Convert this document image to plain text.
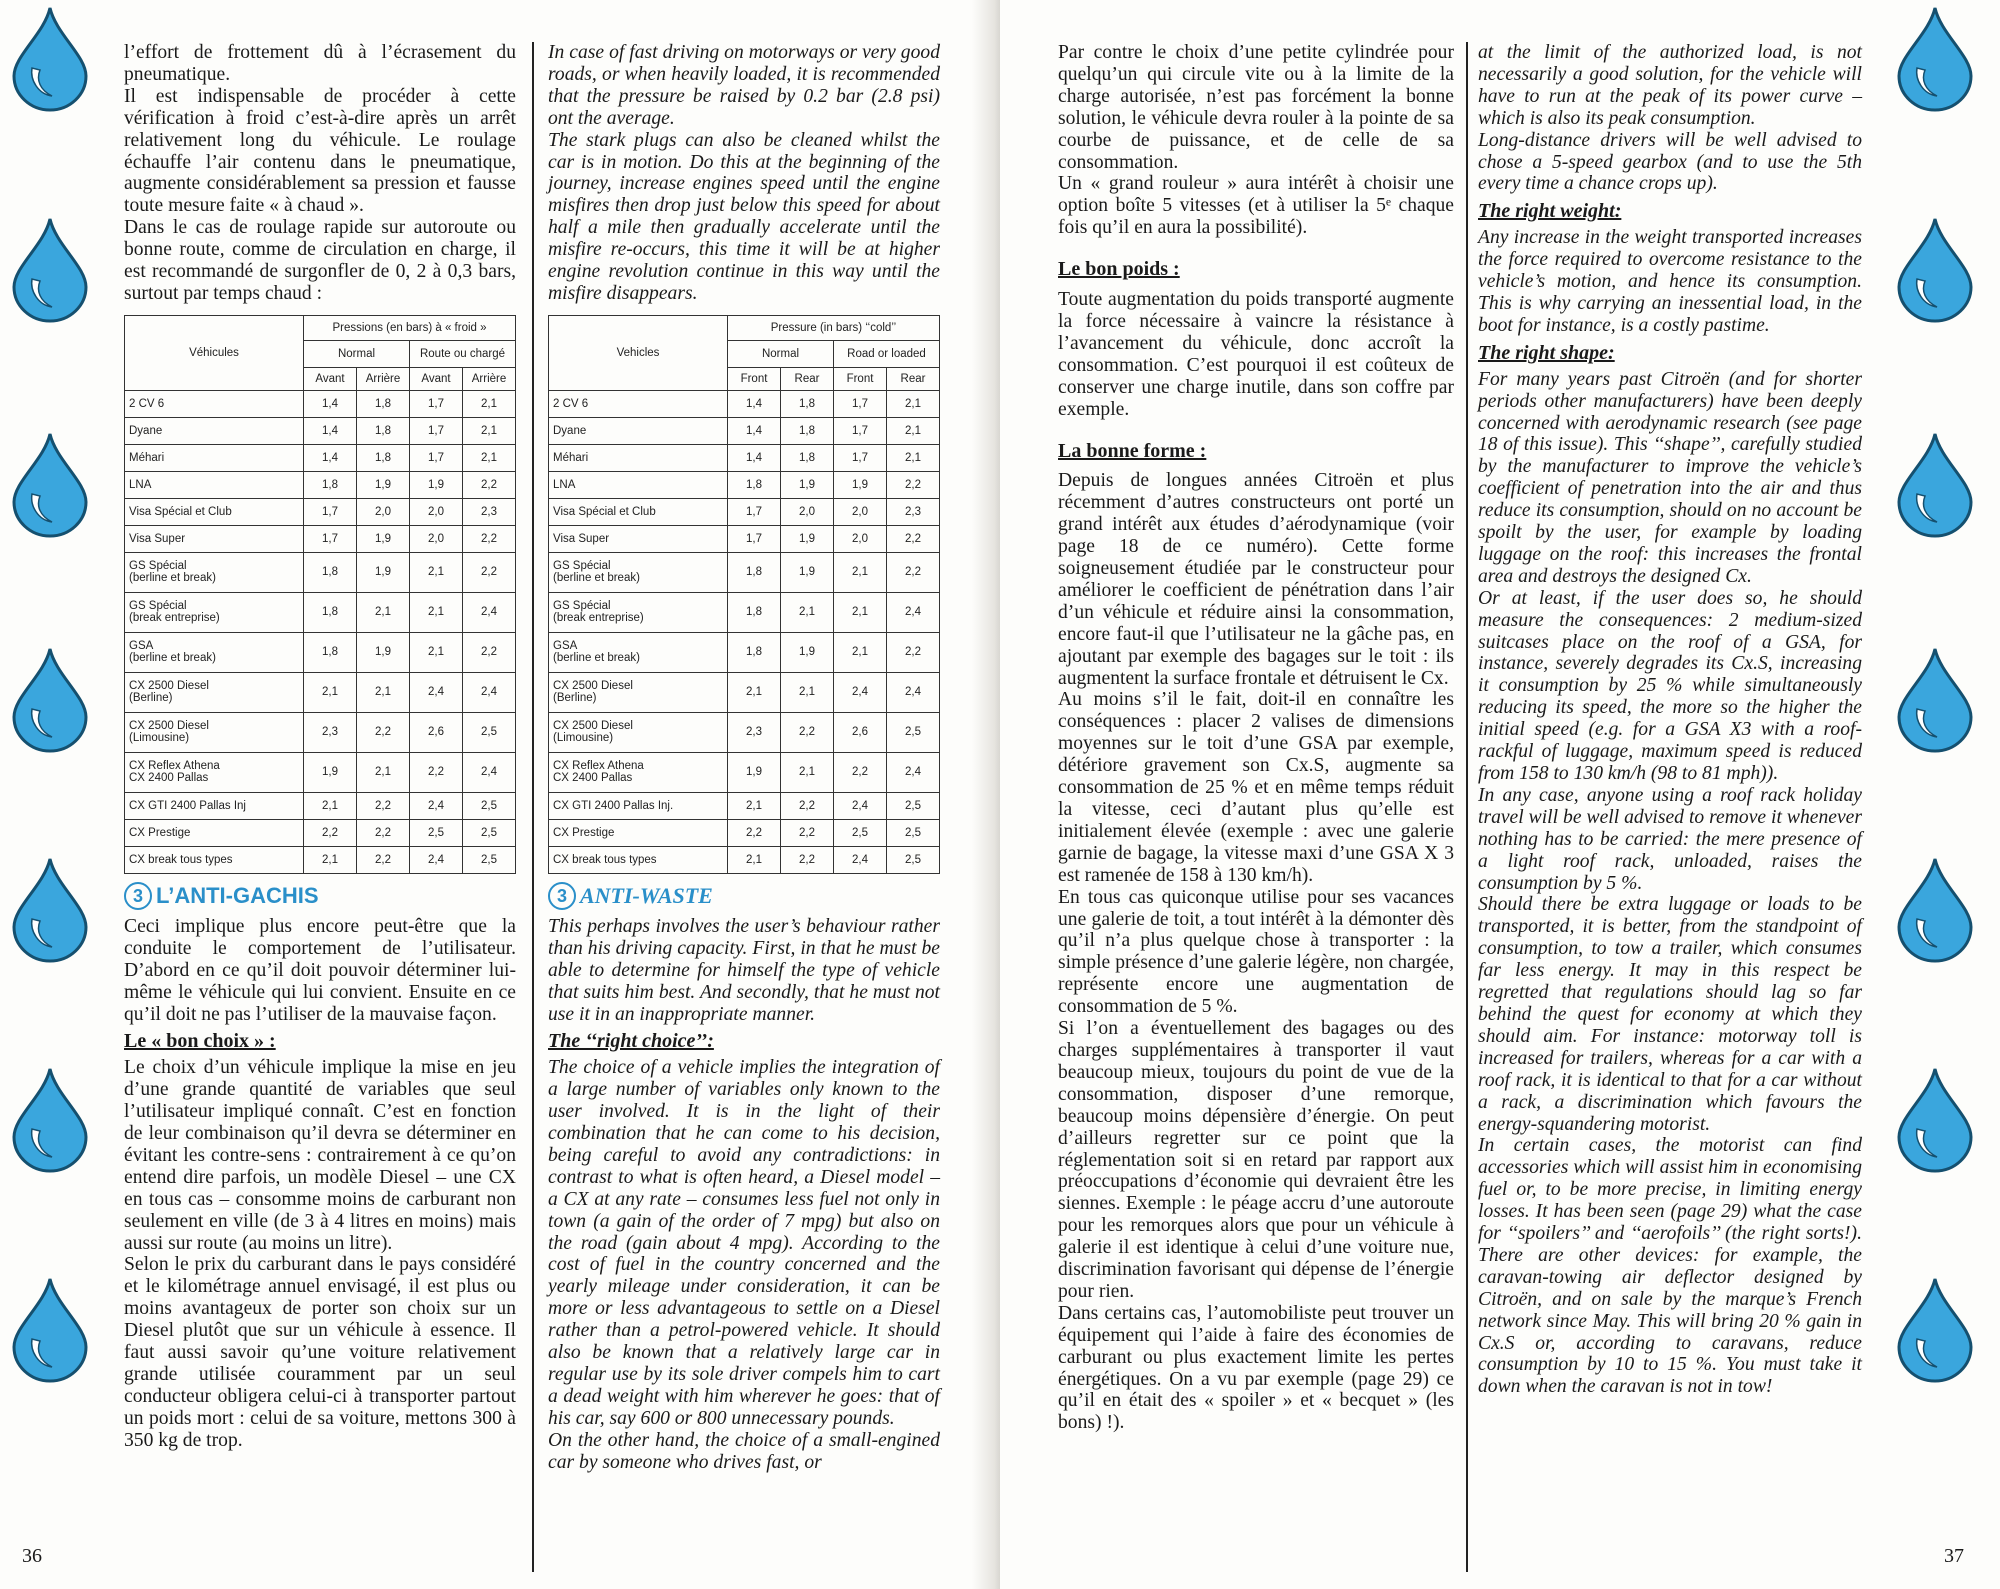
l’effort de frottement dû à l’écrasement du pneumatique.

Il est indispensable de procéder à cette vérification à froid c’est-à-dire après un arrêt relativement long du véhicule. Le roulage échauffe l’air contenu dans le pneumatique, augmente considérablement sa pression et fausse toute mesure faite « à chaud ».

Dans le cas de roulage rapide sur autoroute ou bonne route, comme de circulation en charge, il est recommandé de surgonfler de 0, 2 à 0,3 bars, surtout par temps chaud :

Véhicules	Pressions (en bars) à « froid »			
	Normal		Route ou chargé	
	Avant	Arrière	Avant	Arrière
2 CV 6	1,4	1,8	1,7	2,1
Dyane	1,4	1,8	1,7	2,1
Méhari	1,4	1,8	1,7	2,1
LNA	1,8	1,9	1,9	2,2
Visa Spécial et Club	1,7	2,0	2,0	2,3
Visa Super	1,7	1,9	2,0	2,2
GS Spécial
(berline et break)	1,8	1,9	2,1	2,2
GS Spécial
(break entreprise)	1,8	2,1	2,1	2,4
GSA
(berline et break)	1,8	1,9	2,1	2,2
CX 2500 Diesel
(Berline)	2,1	2,1	2,4	2,4
CX 2500 Diesel
(Limousine)	2,3	2,2	2,6	2,5
CX Reflex Athena
CX 2400 Pallas	1,9	2,1	2,2	2,4
CX GTI 2400 Pallas Inj	2,1	2,2	2,4	2,5
CX Prestige	2,2	2,2	2,5	2,5
CX break tous types	2,1	2,2	2,4	2,5
3 L’ANTI-GACHIS

Ceci implique plus encore peut-être que la conduite le comportement de l’utilisateur. D’abord en ce qu’il doit pouvoir déterminer lui-même le véhicule qui lui convient. Ensuite en ce qu’il doit ne pas l’utiliser de la mauvaise façon.

Le « bon choix » :

Le choix d’un véhicule implique la mise en jeu d’une grande quantité de variables que seul l’utilisateur impliqué connaît. C’est en fonction de leur combinaison qu’il devra se déterminer en évitant les contre-sens : contrairement à ce qu’on entend dire parfois, un modèle Diesel – une CX en tous cas – consomme moins de carburant non seulement en ville (de 3 à 4 litres en moins) mais aussi sur route (au moins un litre).

Selon le prix du carburant dans le pays considéré et le kilométrage annuel envisagé, il est plus ou moins avantageux de porter son choix sur un Diesel plutôt que sur un véhicule à essence. Il faut aussi savoir qu’une voiture relativement grande utilisée couramment par un seul conducteur obligera celui-ci à transporter partout un poids mort : celui de sa voiture, mettons 300 à 350 kg de trop.

In case of fast driving on motorways or very good roads, or when heavily loaded, it is recommended that the pressure be raised by 0.2 bar (2.8 psi) ont the average.

The stark plugs can also be cleaned whilst the car is in motion. Do this at the beginning of the journey, increase engines speed until the engine misfires then drop just below this speed for about half a mile then gradually accelerate until the misfire re-occurs, this time it will be at higher engine revolution continue in this way until the misfire disappears.

Vehicles	Pressure (in bars) ‘‘cold’’			
	Normal		Road or loaded	
	Front	Rear	Front	Rear
2 CV 6	1,4	1,8	1,7	2,1
Dyane	1,4	1,8	1,7	2,1
Méhari	1,4	1,8	1,7	2,1
LNA	1,8	1,9	1,9	2,2
Visa Spécial et Club	1,7	2,0	2,0	2,3
Visa Super	1,7	1,9	2,0	2,2
GS Spécial
(berline et break)	1,8	1,9	2,1	2,2
GS Spécial
(break entreprise)	1,8	2,1	2,1	2,4
GSA
(berline et break)	1,8	1,9	2,1	2,2
CX 2500 Diesel
(Berline)	2,1	2,1	2,4	2,4
CX 2500 Diesel
(Limousine)	2,3	2,2	2,6	2,5
CX Reflex Athena
CX 2400 Pallas	1,9	2,1	2,2	2,4
CX GTI 2400 Pallas Inj.	2,1	2,2	2,4	2,5
CX Prestige	2,2	2,2	2,5	2,5
CX break tous types	2,1	2,2	2,4	2,5
3 ANTI-WASTE

This perhaps involves the user’s behaviour rather than his driving capacity. First, in that he must be able to determine for himself the type of vehicle that suits him best. And secondly, that he must not use it in an inappropriate manner.

The ‘‘right choice’’:

The choice of a vehicle implies the integration of a large number of variables only known to the user involved. It is in the light of their combination that he can come to his decision, being careful to avoid any contradictions: in contrast to what is often heard, a Diesel model – a CX at any rate – consumes less fuel not only in town (a gain of the order of 7 mpg) but also on the road (gain about 4 mpg). According to the cost of fuel in the country concerned and the yearly mileage under consideration, it can be more or less advantageous to settle on a Diesel rather than a petrol-powered vehicle. It should also be known that a relatively large car in regular use by its sole driver compels him to cart a dead weight with him wherever he goes: that of his car, say 600 or 800 unnecessary pounds.

On the other hand, the choice of a small-engined car by someone who drives fast, or

36

Par contre le choix d’une petite cylindrée pour quelqu’un qui circule vite ou à la limite de la charge autorisée, n’est pas forcément la bonne solution, le véhicule devra rouler à la pointe de sa courbe de puissance, et de celle de sa consommation.

Un « grand rouleur » aura intérêt à choisir une option boîte 5 vitesses (et à utiliser la 5ᵉ chaque fois qu’il en aura la possibilité).

Le bon poids :

Toute augmentation du poids transporté augmente la force nécessaire à vaincre la résistance à l’avancement du véhicule, donc accroît la consommation. C’est pourquoi il est coûteux de conserver une charge inutile, dans son coffre par exemple.

La bonne forme :

Depuis de longues années Citroën et plus récemment d’autres constructeurs ont porté un grand intérêt aux études d’aérodynamique (voir page 18 de ce numéro). Cette forme soigneusement étudiée par le constructeur pour améliorer le coefficient de pénétration dans l’air d’un véhicule et réduire ainsi la consommation, encore faut-il que l’utilisateur ne la gâche pas, en ajoutant par exemple des bagages sur le toit : ils augmentent la surface frontale et détruisent le Cx.

Au moins s’il le fait, doit-il en connaître les conséquences : placer 2 valises de dimensions moyennes sur le toit d’une GSA par exemple, détériore gravement son Cx.S, augmente sa consommation de 25 % et en même temps réduit la vitesse, ceci d’autant plus qu’elle est initialement élevée (exemple : avec une galerie garnie de bagage, la vitesse maxi d’une GSA X 3 est ramenée de 158 à 130 km/h).

En tous cas quiconque utilise pour ses vacances une galerie de toit, a tout intérêt à la démonter dès qu’il n’a plus quelque chose à transporter : la simple présence d’une galerie légère, non chargée, représente encore une augmentation de consommation de 5 %.

Si l’on a éventuellement des bagages ou des charges supplémentaires à transporter il vaut beaucoup mieux, toujours du point de vue de la consommation, disposer d’une remorque, beaucoup moins dépensière d’énergie. On peut d’ailleurs regretter sur ce point que la réglementation soit si en retard par rapport aux préoccupations d’économie qui devraient être les siennes. Exemple : le péage accru d’une autoroute pour les remorques alors que pour un véhicule à galerie il est identique à celui d’une voiture nue, discrimination favorisant qui dépense de l’énergie pour rien.

Dans certains cas, l’automobiliste peut trouver un équipement qui l’aide à faire des économies de carburant ou plus exactement limite les pertes énergétiques. On a vu par exemple (page 29) ce qu’il en était des « spoiler » et « becquet » (les bons) !).

at the limit of the authorized load, is not necessarily a good solution, for the vehicle will have to run at the peak of its power curve – which is also its peak consumption.

Long-distance drivers will be well advised to chose a 5-speed gearbox (and to use the 5th every time a chance crops up).

The right weight:

Any increase in the weight transported increases the force required to overcome resistance to the vehicle’s motion, and hence its consumption. This is why carrying an inessential load, in the boot for instance, is a costly pastime.

The right shape:

For many years past Citroën (and for shorter periods other manufacturers) have been deeply concerned with aerodynamic research (see page 18 of this issue). This ‘‘shape’’, carefully studied by the manufacturer to improve the vehicle’s coefficient of penetration into the air and thus reduce its consumption, should on no account be spoilt by the user, for example by loading luggage on the roof: this increases the frontal area and destroys the designed Cx.

Or at least, if the user does so, he should measure the consequences: 2 medium-sized suitcases place on the roof of a GSA, for instance, severely degrades its Cx.S, increasing it consumption by 25 % while simultaneously reducing its speed, the more so the higher the initial speed (e.g. for a GSA X3 with a roof-rackful of luggage, maximum speed is reduced from 158 to 130 km/h (98 to 81 mph)).

In any case, anyone using a roof rack holiday travel will be well advised to remove it whenever nothing has to be carried: the mere presence of a light roof rack, unloaded, raises the consumption by 5 %.

Should there be extra luggage or loads to be transported, it is better, from the standpoint of consumption, to tow a trailer, which consumes far less energy. It may in this respect be regretted that regulations should lag so far behind the quest for economy at which they should aim. For instance: motorway toll is increased for trailers, whereas for a car with a roof rack, it is identical to that for a car without a rack, a discrimination which favours the energy-squandering motorist.

In certain cases, the motorist can find accessories which will assist him in economising fuel or, to be more precise, in limiting energy losses. It has been seen (page 29) what the case for ‘‘spoilers’’ and ‘‘aerofoils’’ (the right sorts!). There are other devices: for example, the caravan-towing air deflector designed by Citroën, and on sale by the marque’s French network since May. This will bring 20 % gain in Cx.S or, according to caravans, reduce consumption by 10 to 15 %. You must take it down when the caravan is not in tow!

37
